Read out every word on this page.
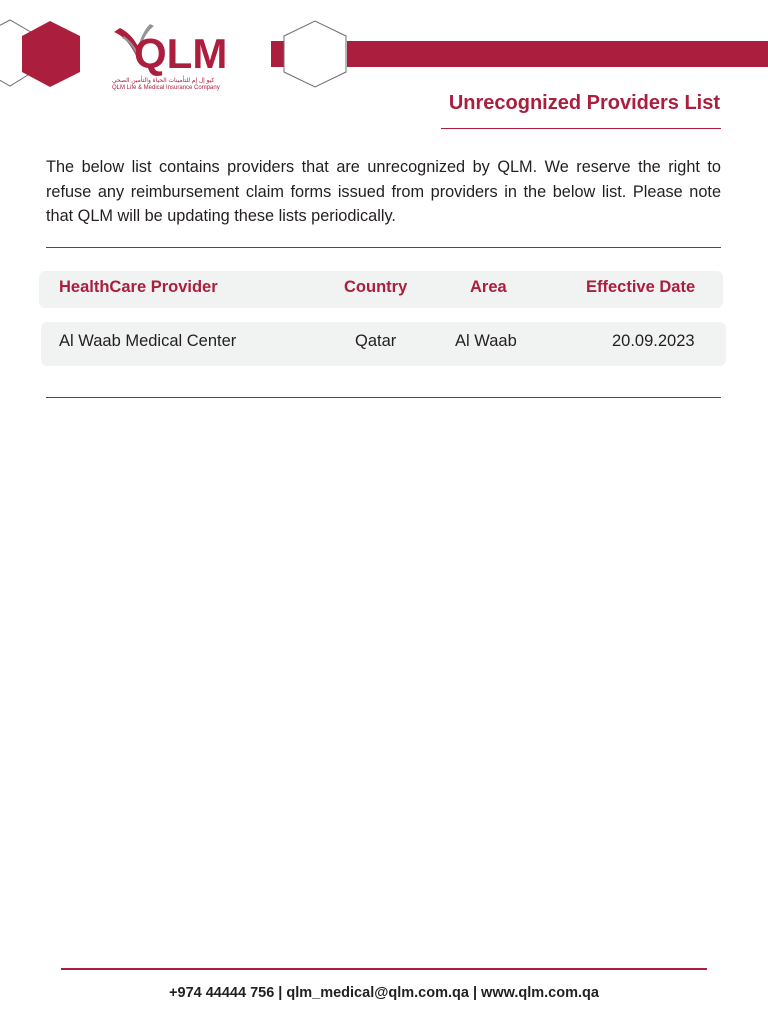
QLM
كيو إل إم للتأمينات الحياة والتأمين الصحي
QLM Life & Medical Insurance Company
Unrecognized Providers List
The below list contains providers that are unrecognized by QLM. We reserve the right to refuse any reimbursement claim forms issued from providers in the below list. Please note that QLM will be updating these lists periodically.
HealthCare Provider	Country	Area	Effective Date
Al Waab Medical Center	Qatar	Al Waab	20.09.2023
+974 44444 756 | qlm_medical@qlm.com.qa | www.qlm.com.qa
